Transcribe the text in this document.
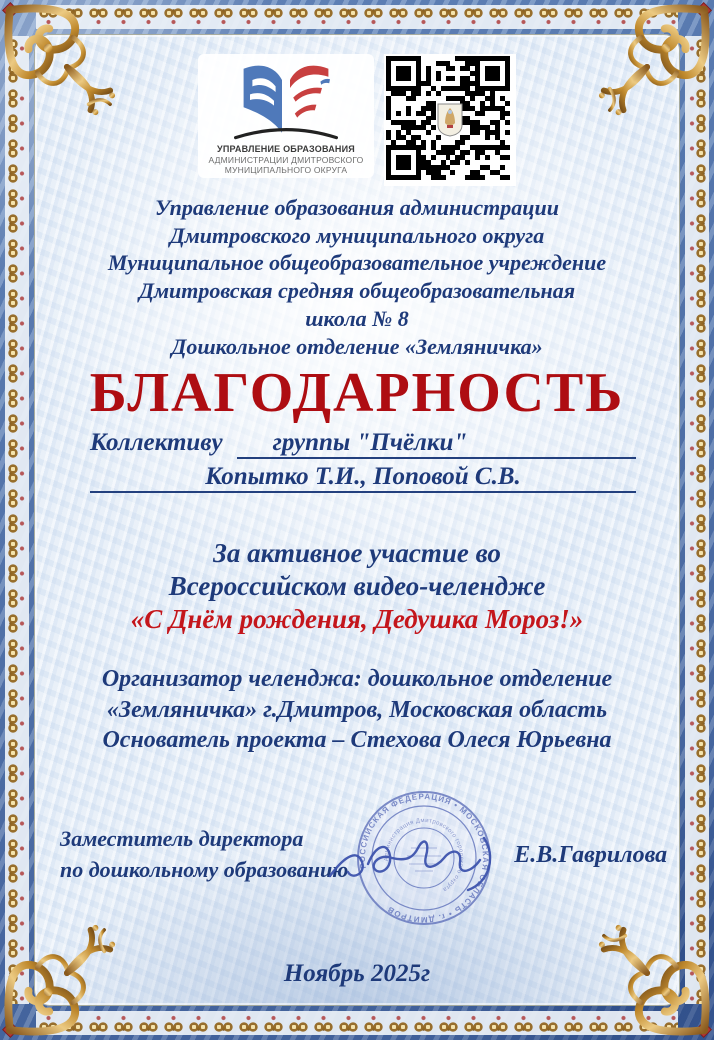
УПРАВЛЕНИЕ ОБРАЗОВАНИЯ
АДМИНИСТРАЦИИ ДМИТРОВСКОГО
МУНИЦИПАЛЬНОГО ОКРУГА
Управление образования администрации
Дмитровского муниципального округа
Муниципальное общеобразовательное учреждение
Дмитровская средняя общеобразовательная
школа № 8
Дошкольное отделение «Земляничка»
БЛАГОДАРНОСТЬ
Коллективу	группы "Пчёлки"
Копытко Т.И., Поповой С.В.
За активное участие во
Всероссийском видео-челендже
«С Днём рождения, Дедушка Мороз!»
Организатор челенджа: дошкольное отделение
«Земляничка» г.Дмитров, Московская область
Основатель проекта – Стехова Олеся Юрьевна
Заместитель директора
по дошкольному образованию	РОССИЙСКАЯ ФЕДЕРАЦИЯ • МОСКОВСКАЯ ОБЛАСТЬ • г. ДМИТРОВ
Администрация Дмитровского городского округа
Е.В.Гаврилова
Ноябрь 2025г
